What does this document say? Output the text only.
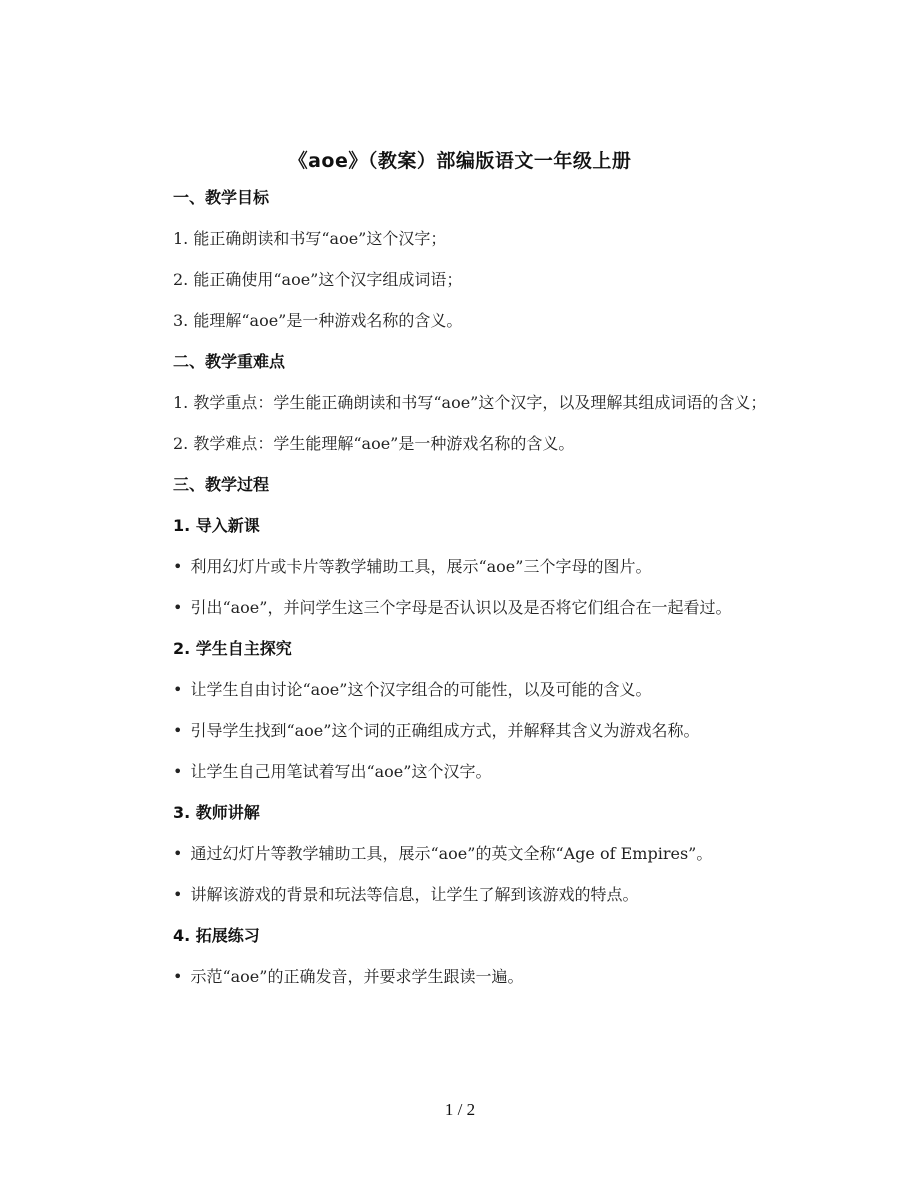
《aoe》（教案）部编版语文一年级上册
一、教学目标

1. 能正确朗读和书写“aoe”这个汉字；

2. 能正确使用“aoe”这个汉字组成词语；

3. 能理解“aoe”是一种游戏名称的含义。

二、教学重难点

1. 教学重点：学生能正确朗读和书写“aoe”这个汉字，以及理解其组成词语的含义；

2. 教学难点：学生能理解“aoe”是一种游戏名称的含义。

三、教学过程
1. 导入新课

• 利用幻灯片或卡片等教学辅助工具，展示“aoe”三个字母的图片。

• 引出“aoe”，并问学生这三个字母是否认识以及是否将它们组合在一起看过。

2. 学生自主探究

• 让学生自由讨论“aoe”这个汉字组合的可能性，以及可能的含义。

• 引导学生找到“aoe”这个词的正确组成方式，并解释其含义为游戏名称。

• 让学生自己用笔试着写出“aoe”这个汉字。

3. 教师讲解

• 通过幻灯片等教学辅助工具，展示“aoe”的英文全称“Age of Empires”。

• 讲解该游戏的背景和玩法等信息，让学生了解到该游戏的特点。

4. 拓展练习

• 示范“aoe”的正确发音，并要求学生跟读一遍。

1 / 2
